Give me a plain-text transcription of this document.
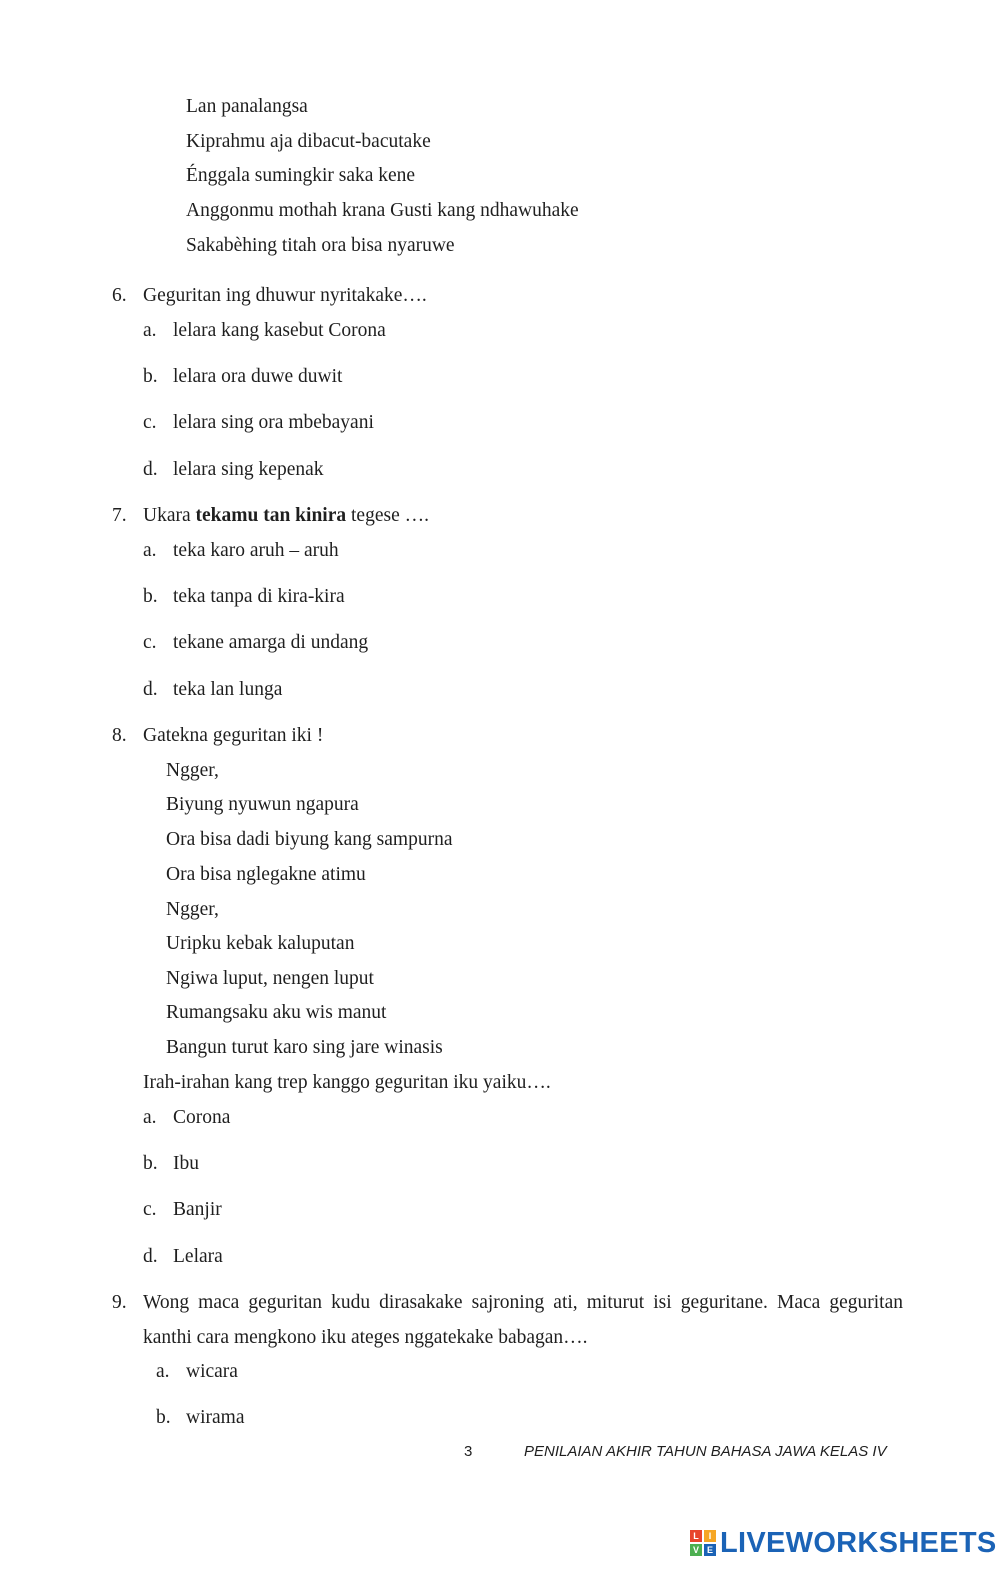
Lan panalangsa
Kiprahmu aja dibacut-bacutake
Énggala sumingkir saka kene
Anggonmu mothah krana Gusti kang ndhawuhake
Sakabèhing titah ora bisa nyaruwe
6. Geguritan ing dhuwur nyritakake….
a. lelara kang kasebut Corona
b. lelara ora duwe duwit
c. lelara sing ora mbebayani
d. lelara sing kepenak
7. Ukara tekamu tan kinira tegese ….
a. teka karo aruh – aruh
b. teka tanpa di kira-kira
c. tekane amarga di undang
d. teka lan lunga
8. Gatekna geguritan iki !
Ngger,
Biyung nyuwun ngapura
Ora bisa dadi biyung kang sampurna
Ora bisa nglegakne atimu
Ngger,
Uripku kebak kaluputan
Ngiwa luput, nengen luput
Rumangsaku aku wis manut
Bangun turut karo sing jare winasis
Irah-irahan kang trep kanggo geguritan iku yaiku….
a. Corona
b. Ibu
c. Banjir
d. Lelara
9. Wong maca geguritan kudu dirasakake sajroning ati, miturut isi geguritane. Maca geguritan
kanthi cara mengkono iku ateges nggatekake babagan….
a. wicara
b. wirama
3	PENILAIAN AKHIR TAHUN BAHASA JAWA KELAS IV
L	I
V E LIVEWORKSHEETS
